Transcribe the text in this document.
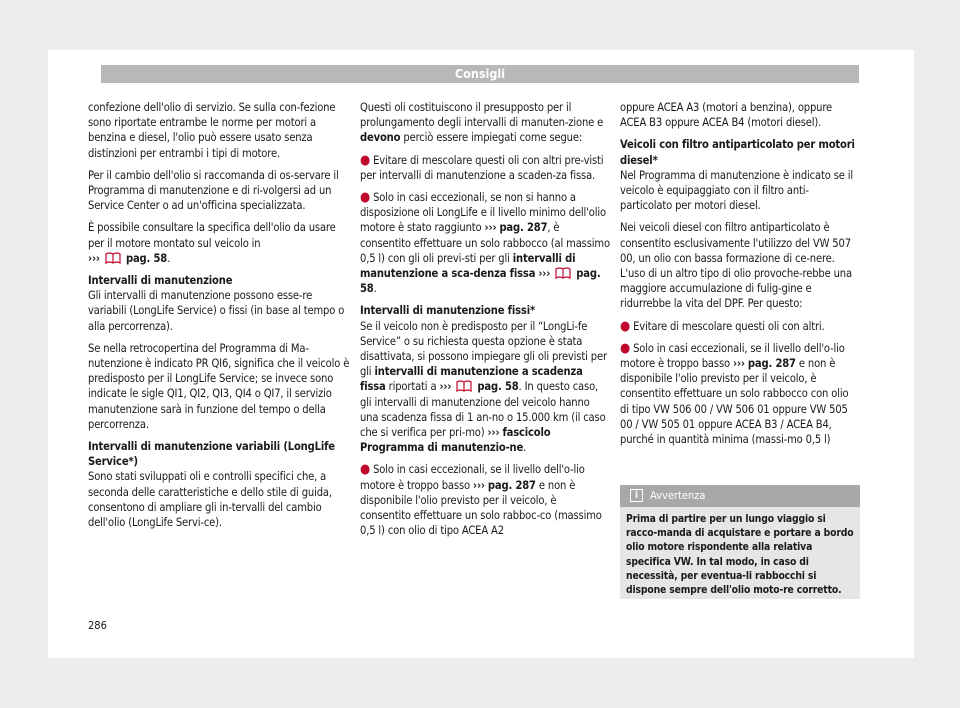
Consigli

confezione dell'olio di servizio. Se sulla con-fezione sono riportate entrambe le norme per motori a benzina e diesel, l'olio può essere usato senza distinzioni per entrambi i tipi di motore.

Per il cambio dell'olio si raccomanda di os-servare il Programma di manutenzione e di ri-volgersi ad un Service Center o ad un'officina specializzata.

È possibile consultare la specifica dell'olio da usare per il motore montato sul veicolo in
››› pag. 58.

Intervalli di manutenzione

Gli intervalli di manutenzione possono esse-re variabili (LongLife Service) o fissi (in base al tempo o alla percorrenza).

Se nella retrocopertina del Programma di Ma-nutenzione è indicato PR QI6, significa che il veicolo è predisposto per il LongLife Service; se invece sono indicate le sigle QI1, QI2, QI3, QI4 o QI7, il servizio manutenzione sarà in funzione del tempo o della percorrenza.

Intervalli di manutenzione variabili (LongLife Service*)

Sono stati sviluppati oli e controlli specifici che, a seconda delle caratteristiche e dello stile di guida, consentono di ampliare gli in-tervalli del cambio dell'olio (LongLife Servi-ce).

Questi oli costituiscono il presupposto per il prolungamento degli intervalli di manuten-zione e devono perciò essere impiegati come segue:

● Evitare di mescolare questi oli con altri pre-visti per intervalli di manutenzione a scaden-za fissa.

● Solo in casi eccezionali, se non si hanno a disposizione oli LongLife e il livello minimo dell'olio motore è stato raggiunto ››› pag. 287, è consentito effettuare un solo rabbocco (al massimo 0,5 l) con gli oli previ-sti per gli intervalli di manutenzione a sca-denza fissa ››› pag. 58.

Intervalli di manutenzione fissi*

Se il veicolo non è predisposto per il “LongLi-fe Service” o su richiesta questa opzione è stata disattivata, si possono impiegare gli oli previsti per gli intervalli di manutenzione a scadenza fissa riportati a ››› pag. 58. In questo caso, gli intervalli di manutenzione del veicolo hanno una scadenza fissa di 1 an-no o 15.000 km (il caso che si verifica per pri-mo) ››› fascicolo Programma di manutenzio-ne.

● Solo in casi eccezionali, se il livello dell'o-lio motore è troppo basso ››› pag. 287 e non è disponibile l'olio previsto per il veicolo, è consentito effettuare un solo rabboc-co (massimo 0,5 l) con olio di tipo ACEA A2

oppure ACEA A3 (motori a benzina), oppure ACEA B3 oppure ACEA B4 (motori diesel).

Veicoli con filtro antiparticolato per motori diesel*

Nel Programma di manutenzione è indicato se il veicolo è equipaggiato con il filtro anti-particolato per motori diesel.

Nei veicoli diesel con filtro antiparticolato è consentito esclusivamente l'utilizzo del VW 507 00, un olio con bassa formazione di ce-nere. L'uso di un altro tipo di olio provoche-rebbe una maggiore accumulazione di fulig-gine e ridurrebbe la vita del DPF. Per questo:

● Evitare di mescolare questi oli con altri.

● Solo in casi eccezionali, se il livello dell'o-lio motore è troppo basso ››› pag. 287 e non è disponibile l'olio previsto per il veicolo, è consentito effettuare un solo rabbocco con olio di tipo VW 506 00 / VW 506 01 oppure VW 505 00 / VW 505 01 oppure ACEA B3 / ACEA B4, purché in quantità minima (massi-mo 0,5 l)

i	Avvertenza
Prima di partire per un lungo viaggio si racco-manda di acquistare e portare a bordo olio motore rispondente alla relativa specifica VW. In tal modo, in caso di necessità, per eventua-li rabbocchi si dispone sempre dell'olio moto-re corretto.
286
